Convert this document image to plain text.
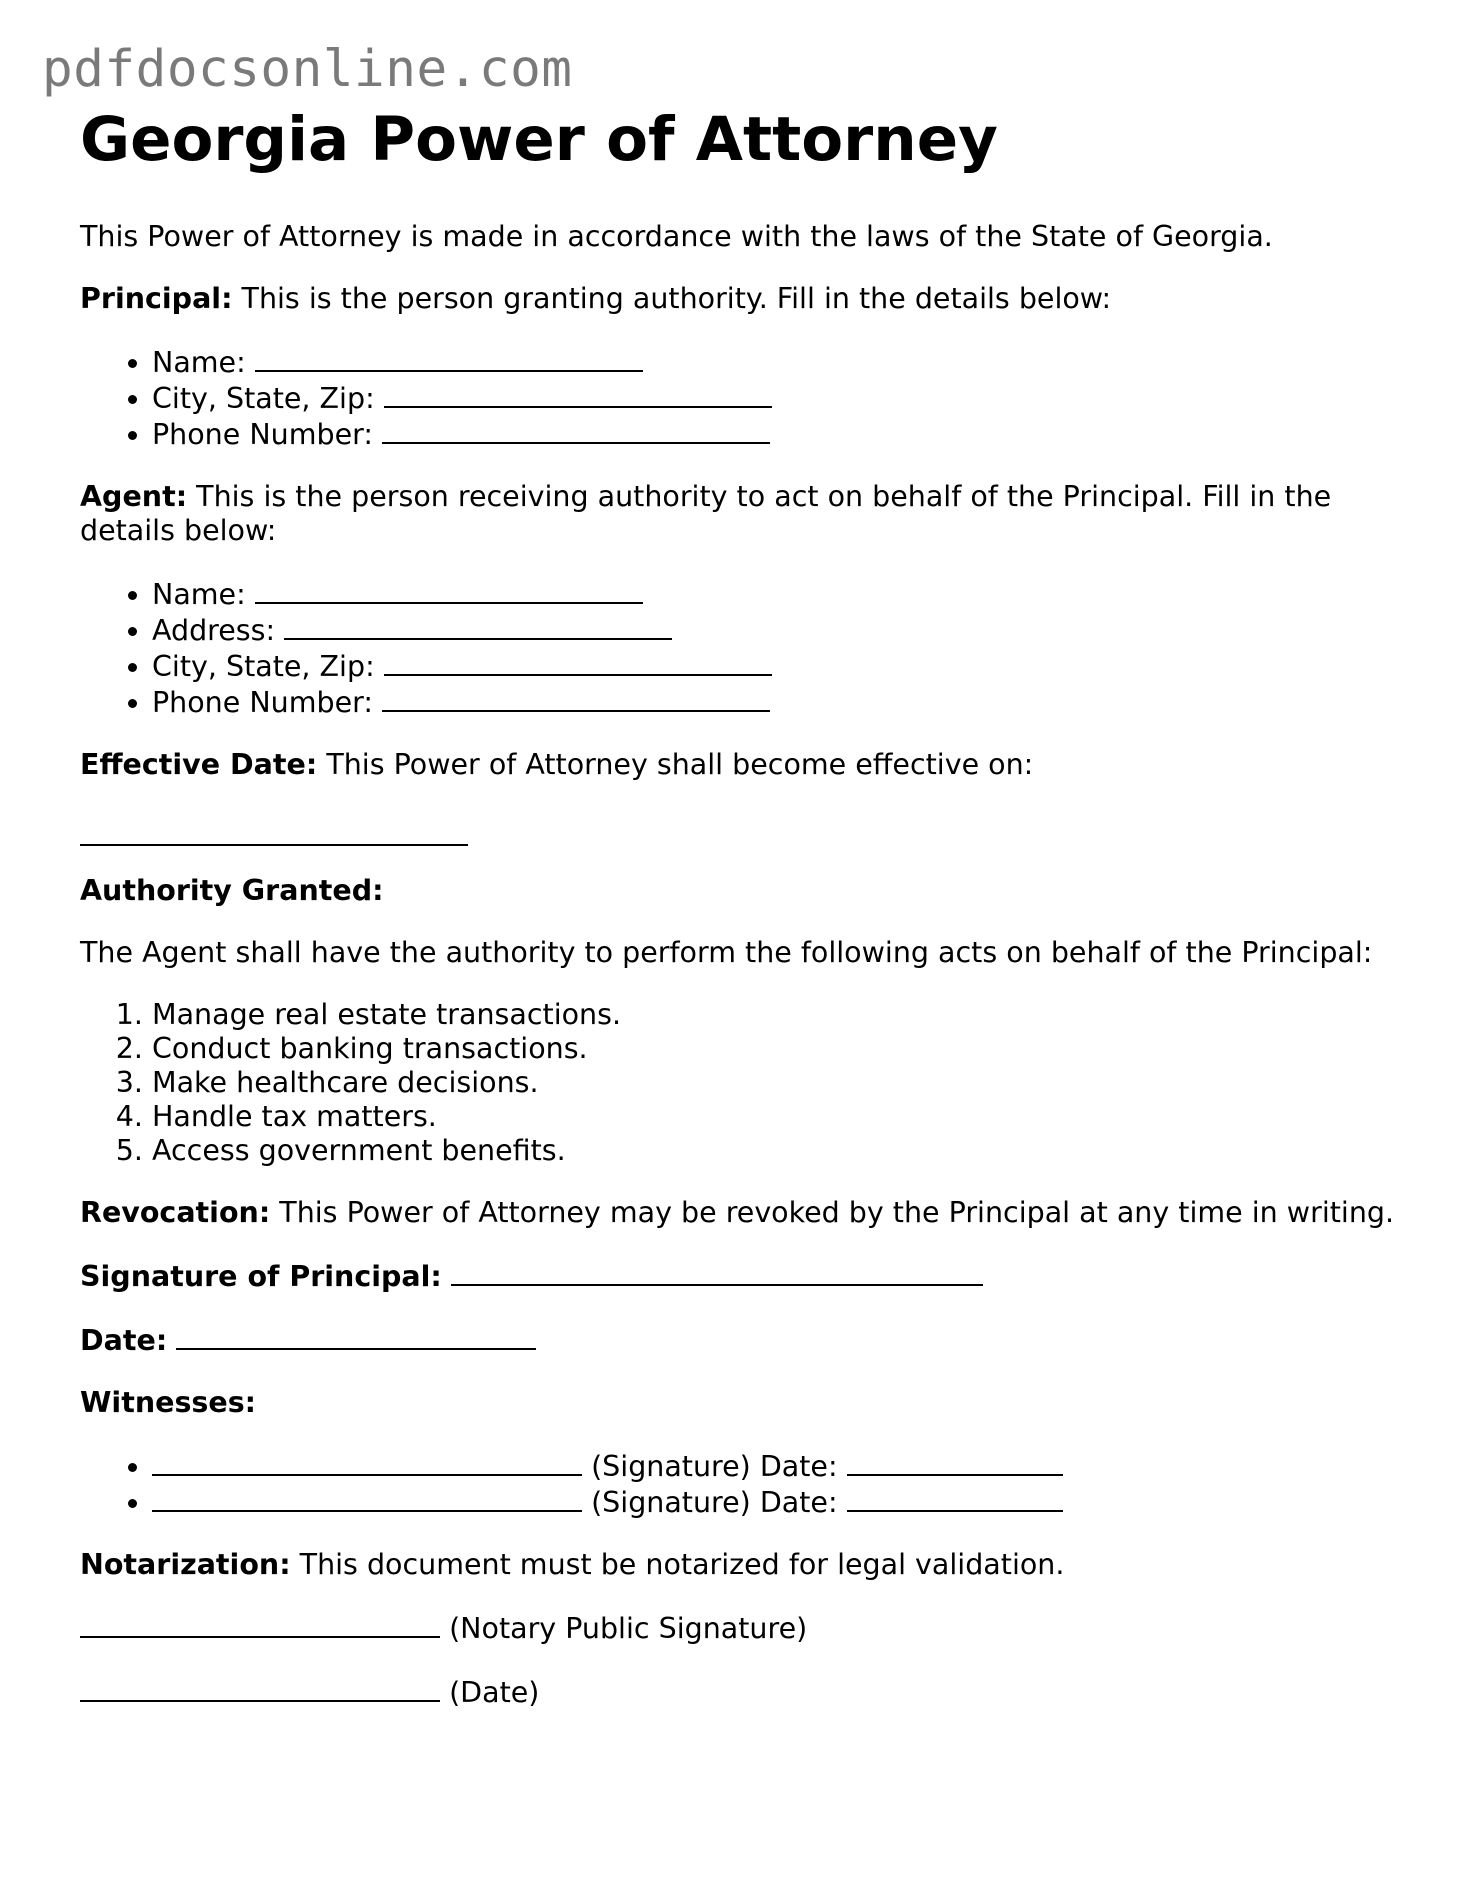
pdfdocsonline.com
Georgia Power of Attorney

This Power of Attorney is made in accordance with the laws of the State of Georgia.

Principal: This is the person granting authority. Fill in the details below:

• Name:
• City, State, Zip:
• Phone Number:

Agent: This is the person receiving authority to act on behalf of the Principal. Fill in the details below:

• Name:
• Address:
• City, State, Zip:
• Phone Number:

Effective Date: This Power of Attorney shall become effective on:

Authority Granted:

The Agent shall have the authority to perform the following acts on behalf of the Principal:

1. Manage real estate transactions.
2. Conduct banking transactions.
3. Make healthcare decisions.
4. Handle tax matters.
5. Access government benefits.

Revocation: This Power of Attorney may be revoked by the Principal at any time in writing.

Signature of Principal:

Date:

Witnesses:

• (Signature) Date:
• (Signature) Date:

Notarization: This document must be notarized for legal validation.

(Notary Public Signature)

(Date)
